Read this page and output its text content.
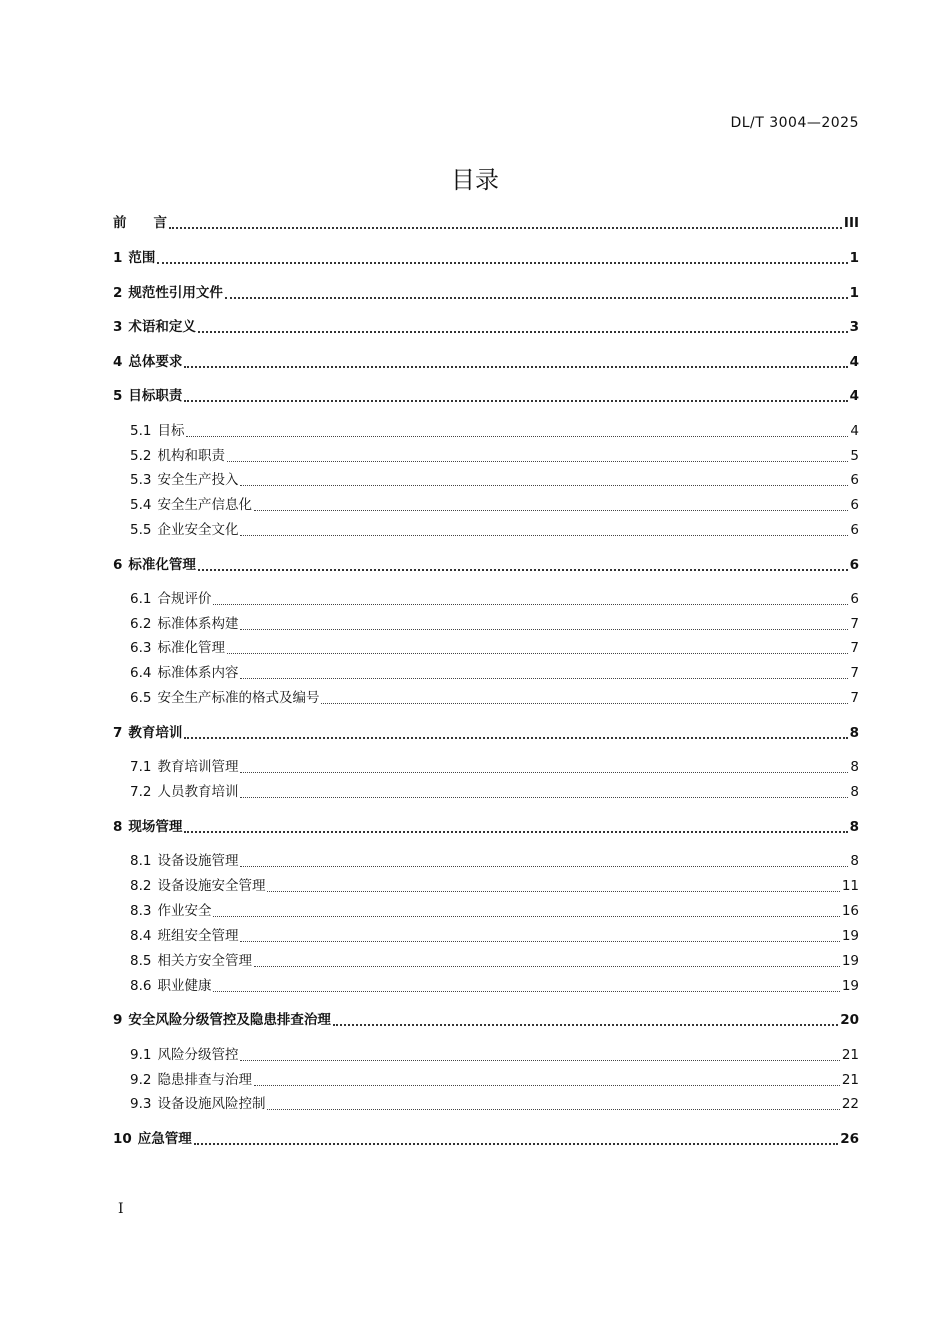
DL/T 3004—2025
目录
前　　言	III
1 范围	1
2 规范性引用文件	1
3 术语和定义	3
4 总体要求	4
5 目标职责	4
5.1 目标	4
5.2 机构和职责	5
5.3 安全生产投入	6
5.4 安全生产信息化	6
5.5 企业安全文化	6
6 标准化管理	6
6.1 合规评价	6
6.2 标准体系构建	7
6.3 标准化管理	7
6.4 标准体系内容	7
6.5 安全生产标准的格式及编号	7
7 教育培训	8
7.1 教育培训管理	8
7.2 人员教育培训	8
8 现场管理	8
8.1 设备设施管理	8
8.2 设备设施安全管理	11
8.3 作业安全	16
8.4 班组安全管理	19
8.5 相关方安全管理	19
8.6 职业健康	19
9 安全风险分级管控及隐患排查治理	20
9.1 风险分级管控	21
9.2 隐患排查与治理	21
9.3 设备设施风险控制	22
10 应急管理	26
I
